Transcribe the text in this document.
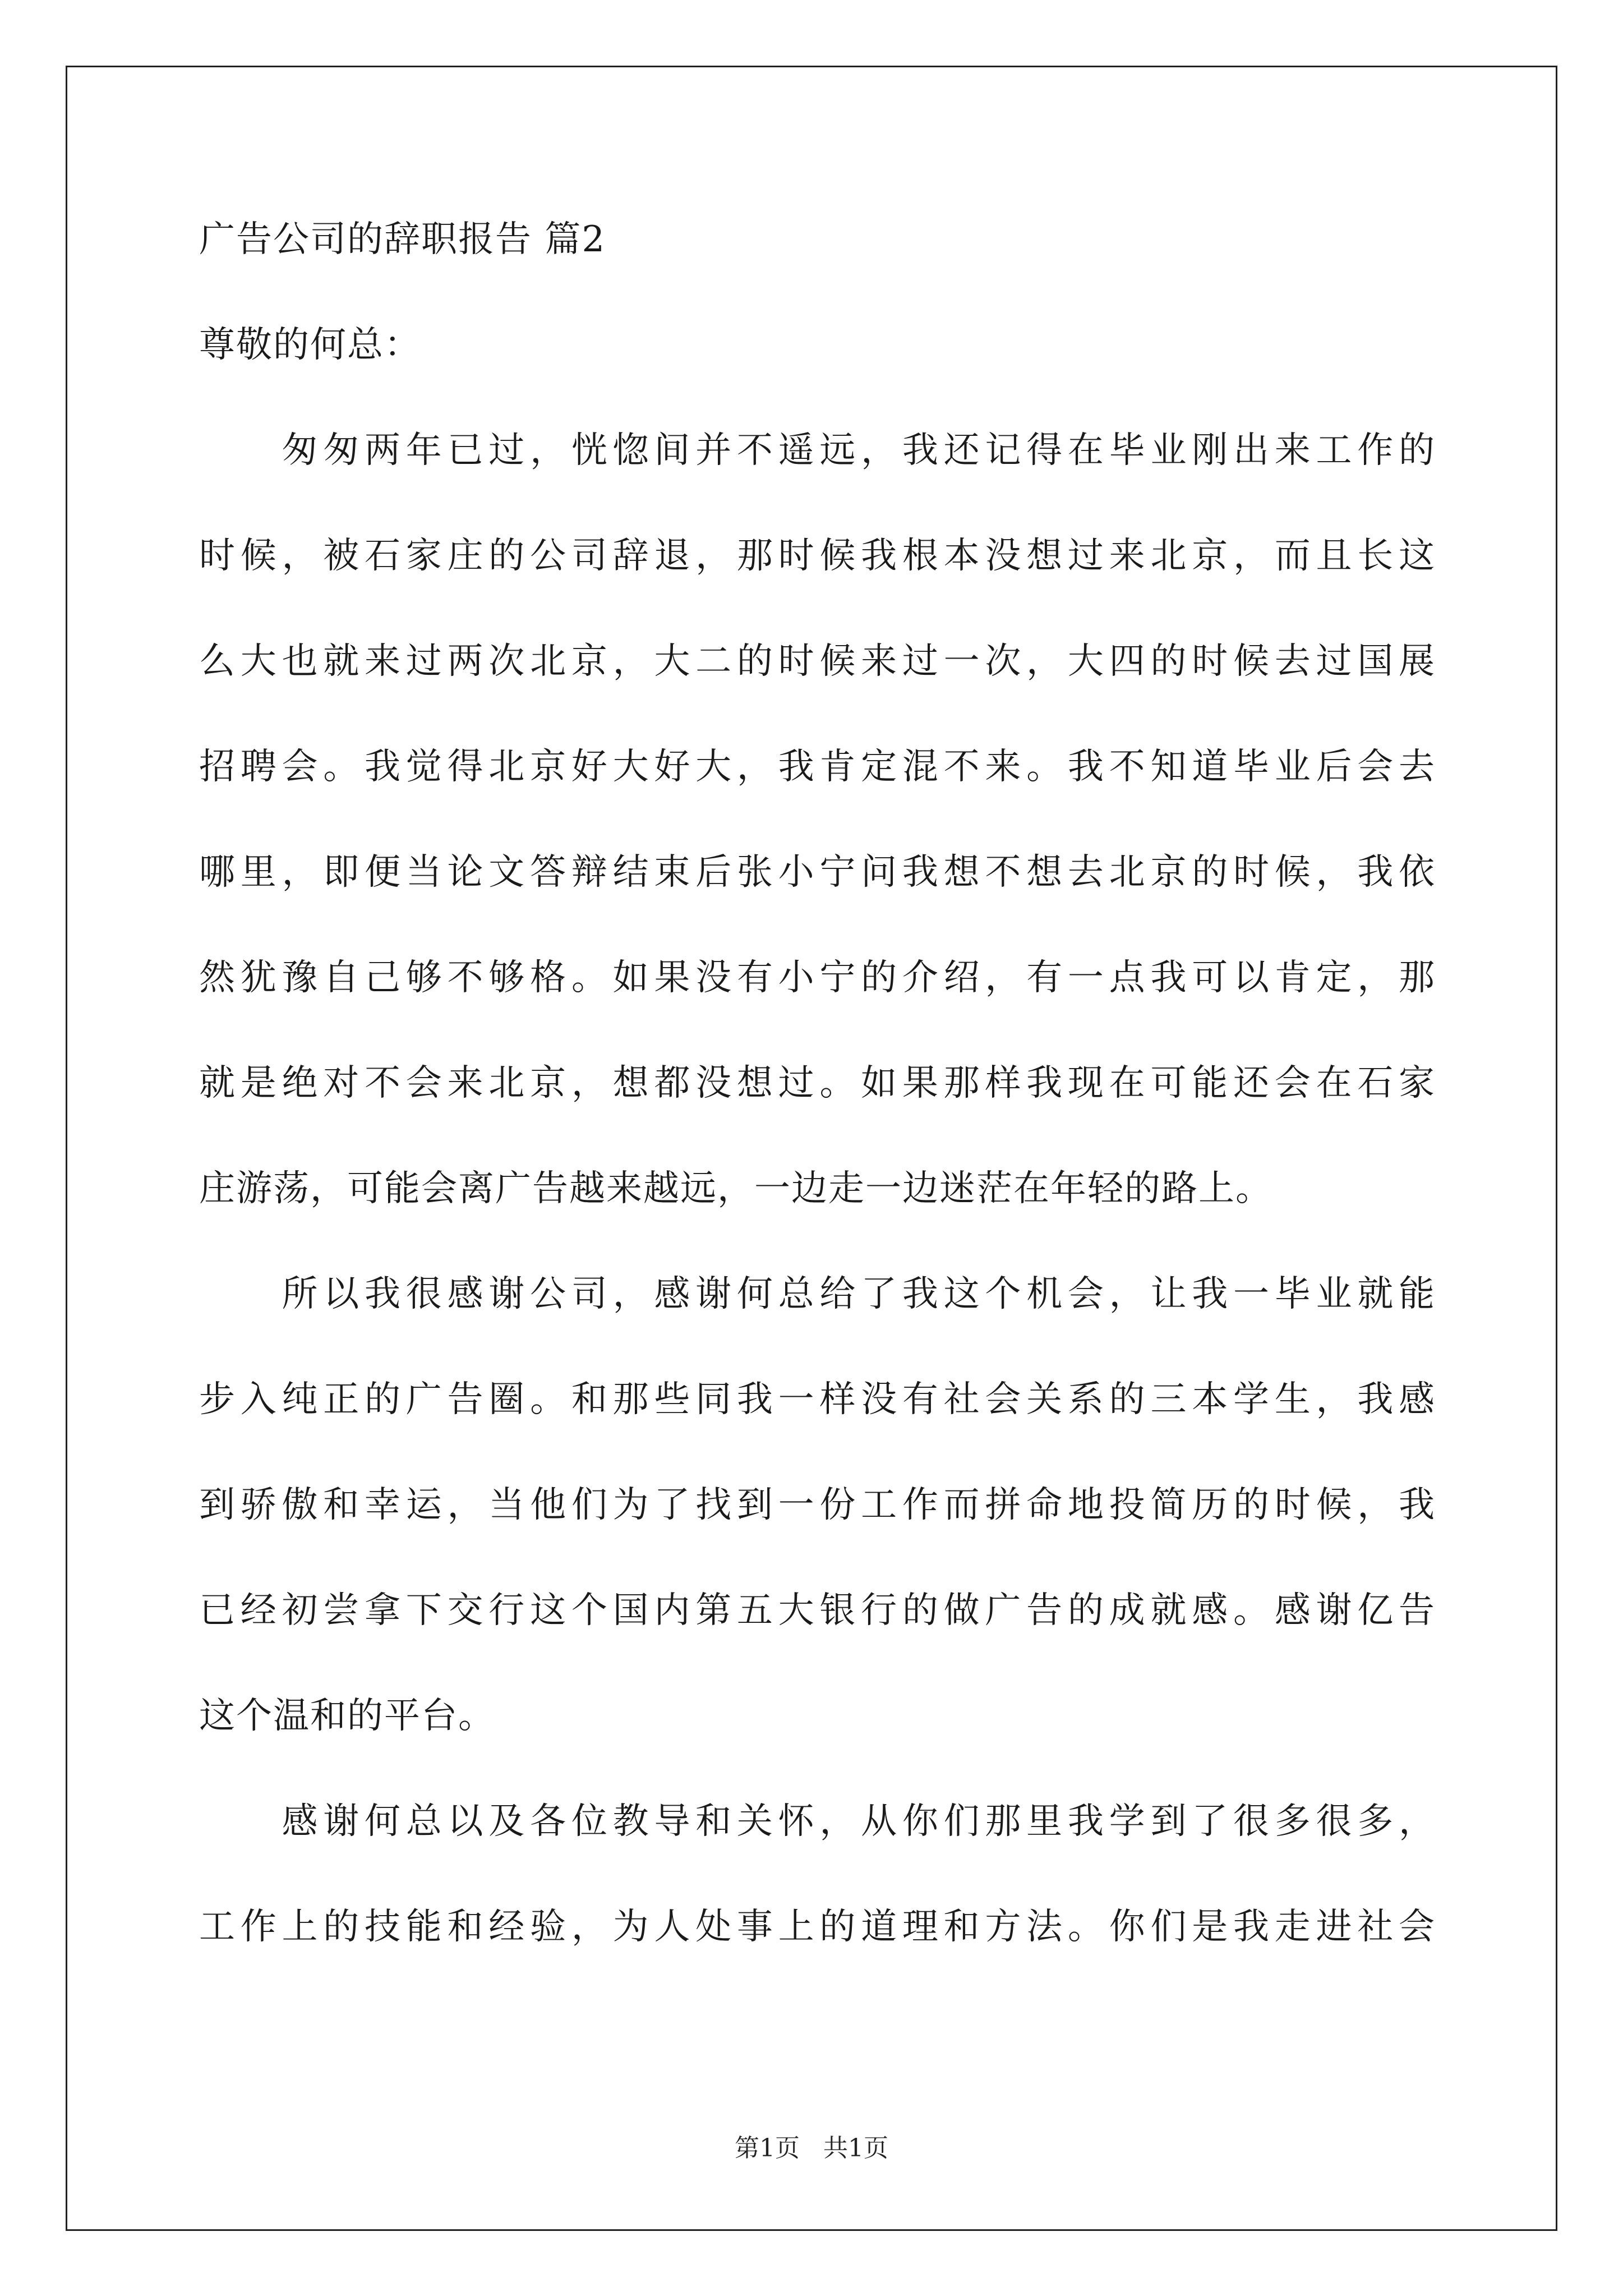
广告公司的辞职报告 篇2
尊敬的何总：
　　匆匆两年已过，恍惚间并不遥远，我还记得在毕业刚出来工作的
时候，被石家庄的公司辞退，那时候我根本没想过来北京，而且长这
么大也就来过两次北京，大二的时候来过一次，大四的时候去过国展
招聘会。我觉得北京好大好大，我肯定混不来。我不知道毕业后会去
哪里，即便当论文答辩结束后张小宁问我想不想去北京的时候，我依
然犹豫自己够不够格。如果没有小宁的介绍，有一点我可以肯定，那
就是绝对不会来北京，想都没想过。如果那样我现在可能还会在石家
庄游荡，可能会离广告越来越远，一边走一边迷茫在年轻的路上。
　　所以我很感谢公司，感谢何总给了我这个机会，让我一毕业就能
步入纯正的广告圈。和那些同我一样没有社会关系的三本学生，我感
到骄傲和幸运，当他们为了找到一份工作而拼命地投简历的时候，我
已经初尝拿下交行这个国内第五大银行的做广告的成就感。感谢亿告
这个温和的平台。
　　感谢何总以及各位教导和关怀，从你们那里我学到了很多很多，
工作上的技能和经验，为人处事上的道理和方法。你们是我走进社会
第1页 共1页
